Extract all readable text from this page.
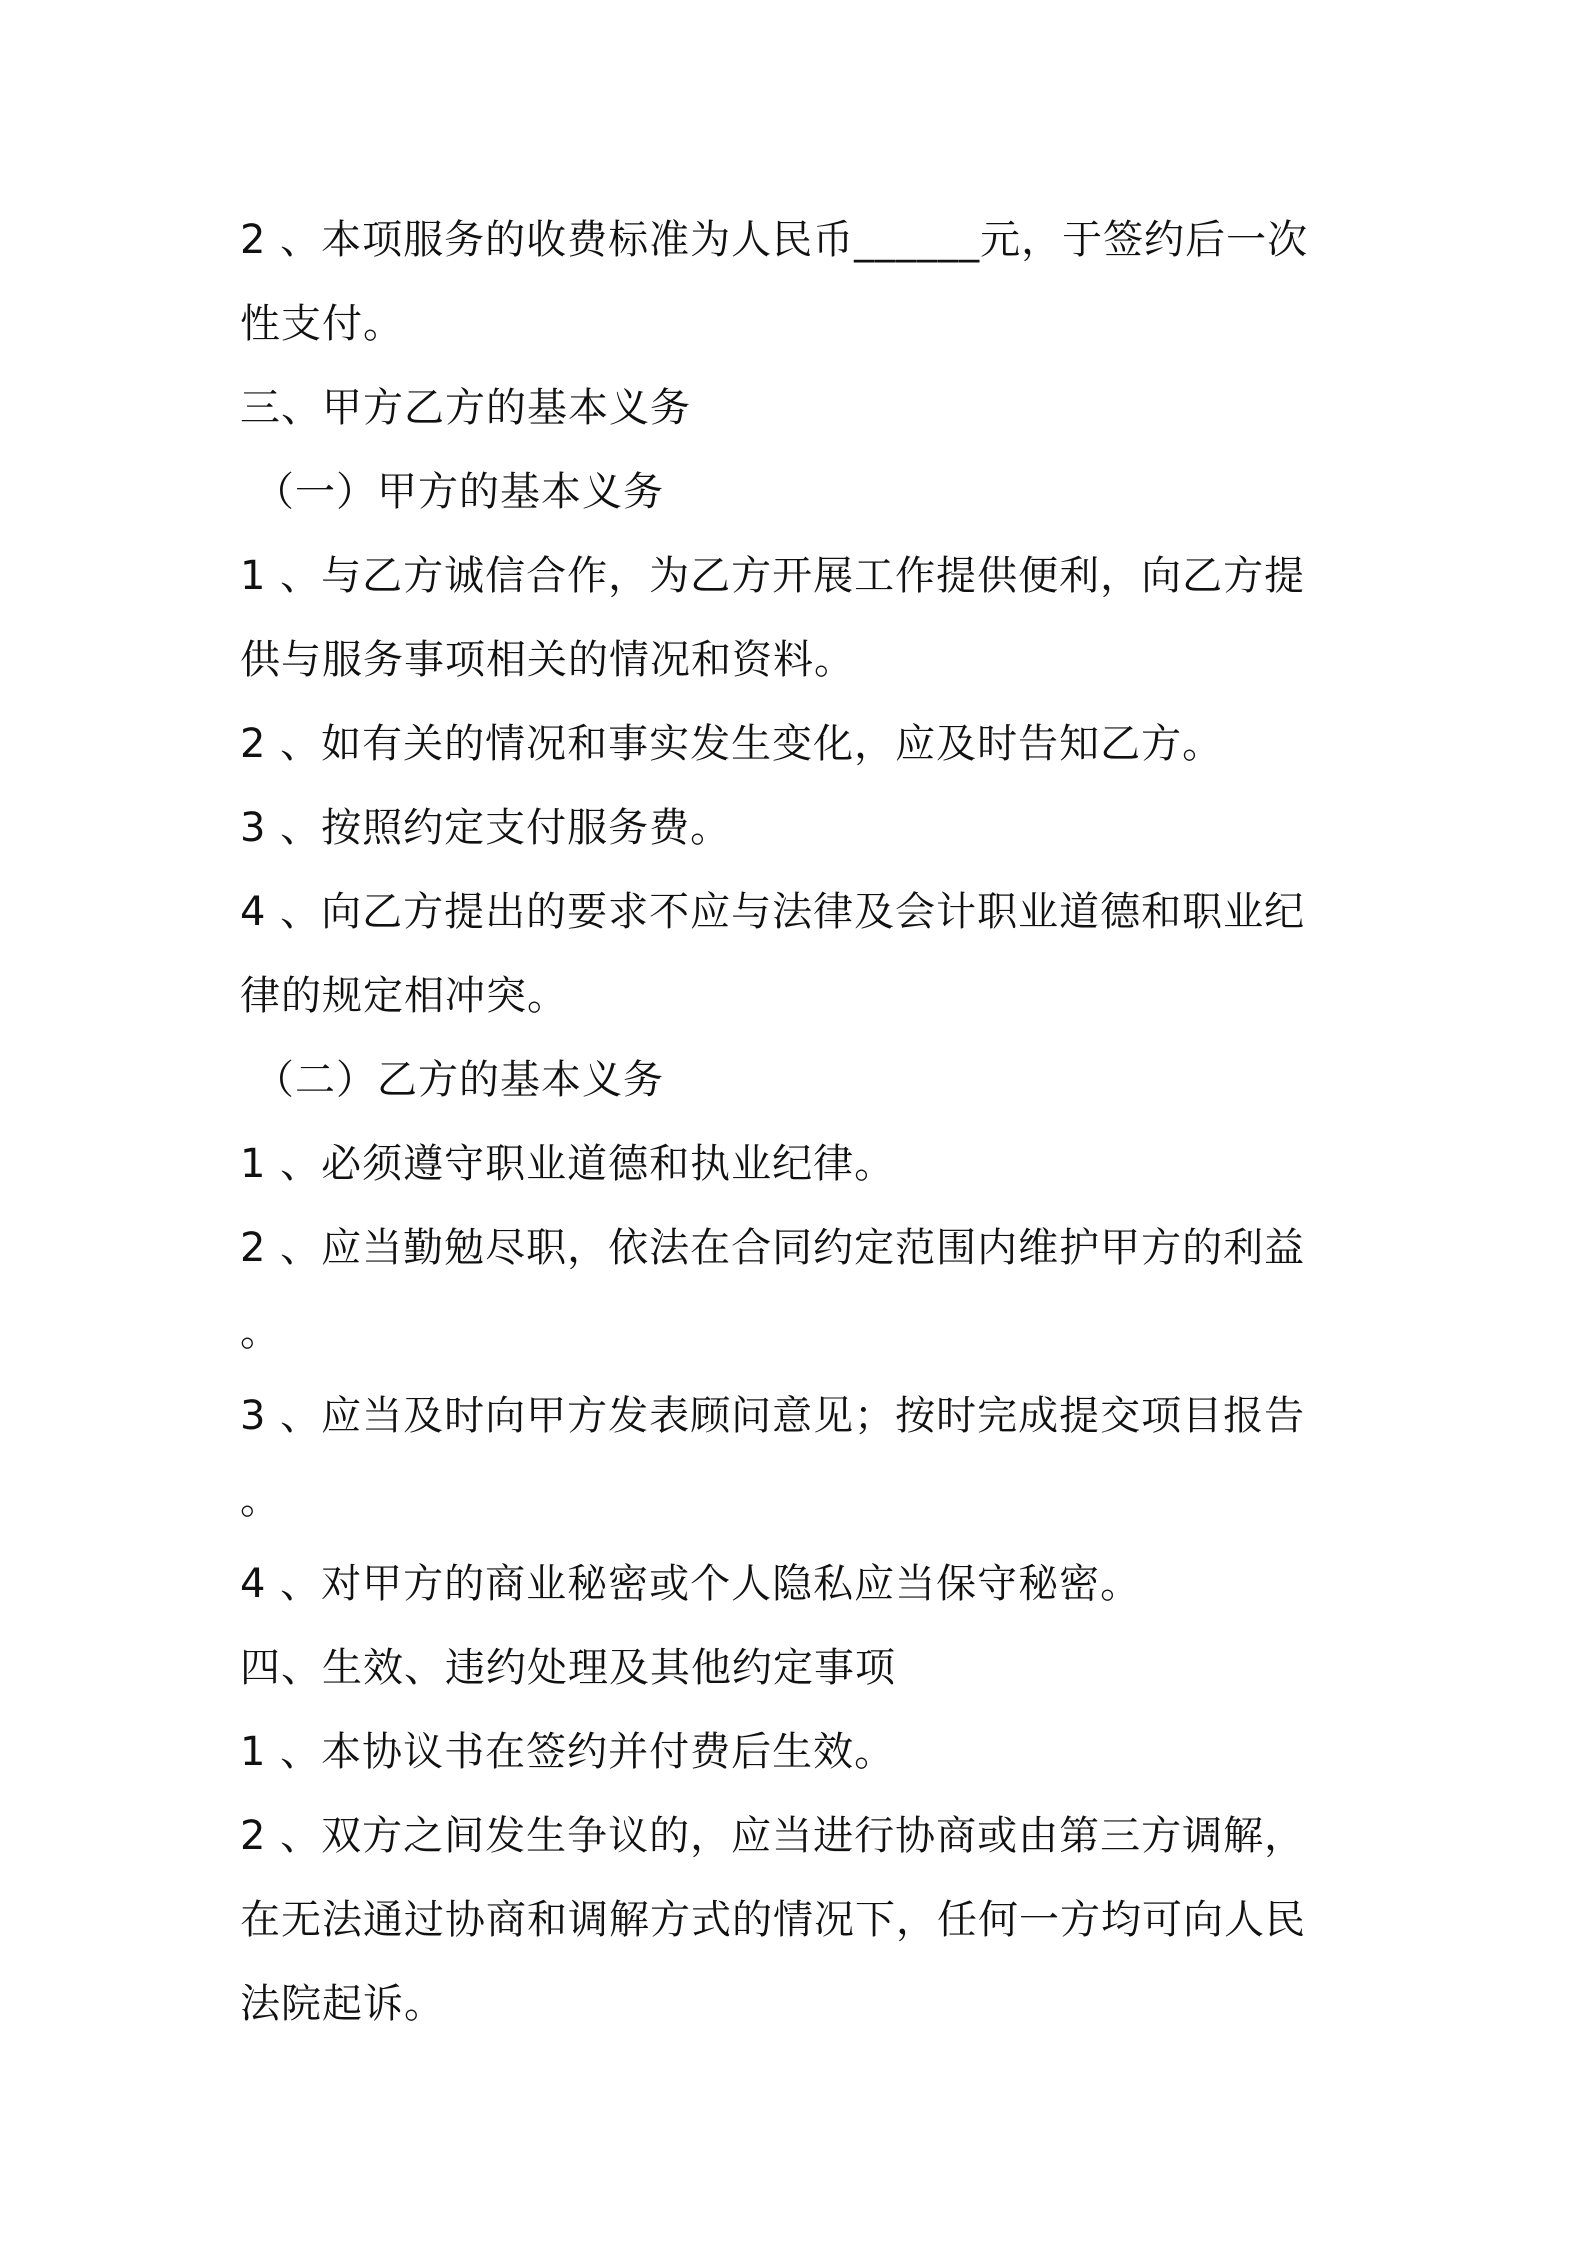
2 、本项服务的收费标准为人民币______元，于签约后一次

性支付。

三、甲方乙方的基本义务

（一）甲方的基本义务

1 、与乙方诚信合作，为乙方开展工作提供便利，向乙方提

供与服务事项相关的情况和资料。

2 、如有关的情况和事实发生变化，应及时告知乙方。

3 、按照约定支付服务费。

4 、向乙方提出的要求不应与法律及会计职业道德和职业纪

律的规定相冲突。

（二）乙方的基本义务

1 、必须遵守职业道德和执业纪律。

2 、应当勤勉尽职，依法在合同约定范围内维护甲方的利益

。

3 、应当及时向甲方发表顾问意见；按时完成提交项目报告

。

4 、对甲方的商业秘密或个人隐私应当保守秘密。

四、生效、违约处理及其他约定事项

1 、本协议书在签约并付费后生效。

2 、双方之间发生争议的，应当进行协商或由第三方调解，

在无法通过协商和调解方式的情况下，任何一方均可向人民

法院起诉。
